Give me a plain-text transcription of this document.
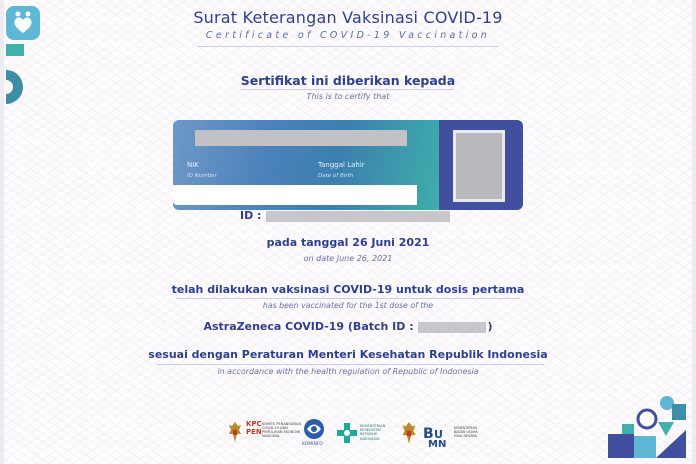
Surat Keterangan Vaksinasi COVID-19
Certificate of COVID-19 Vaccination
Sertifikat ini diberikan kepada
This is to certify that
NIK
ID Number
Tanggal Lahir
Date of Birth
ID :
pada tanggal 26 Juni 2021
on date June 26, 2021
telah dilakukan vaksinasi COVID-19 untuk dosis pertama
has been vaccinated for the 1st dose of the
AstraZeneca COVID-19 (Batch ID :	)
sesuai dengan Peraturan Menteri Kesehatan Republik Indonesia
in accordance with the health regulation of Republic of Indonesia
KPC
PEN
KOMITE PENANGANAN COVID-19 DAN PEMULIHAN EKONOMI NASIONAL
KOMINFO
KEMENTERIAN KESEHATAN REPUBLIK INDONESIA	B U
MN
KEMENTERIAN BADAN USAHA MILIK NEGARA
